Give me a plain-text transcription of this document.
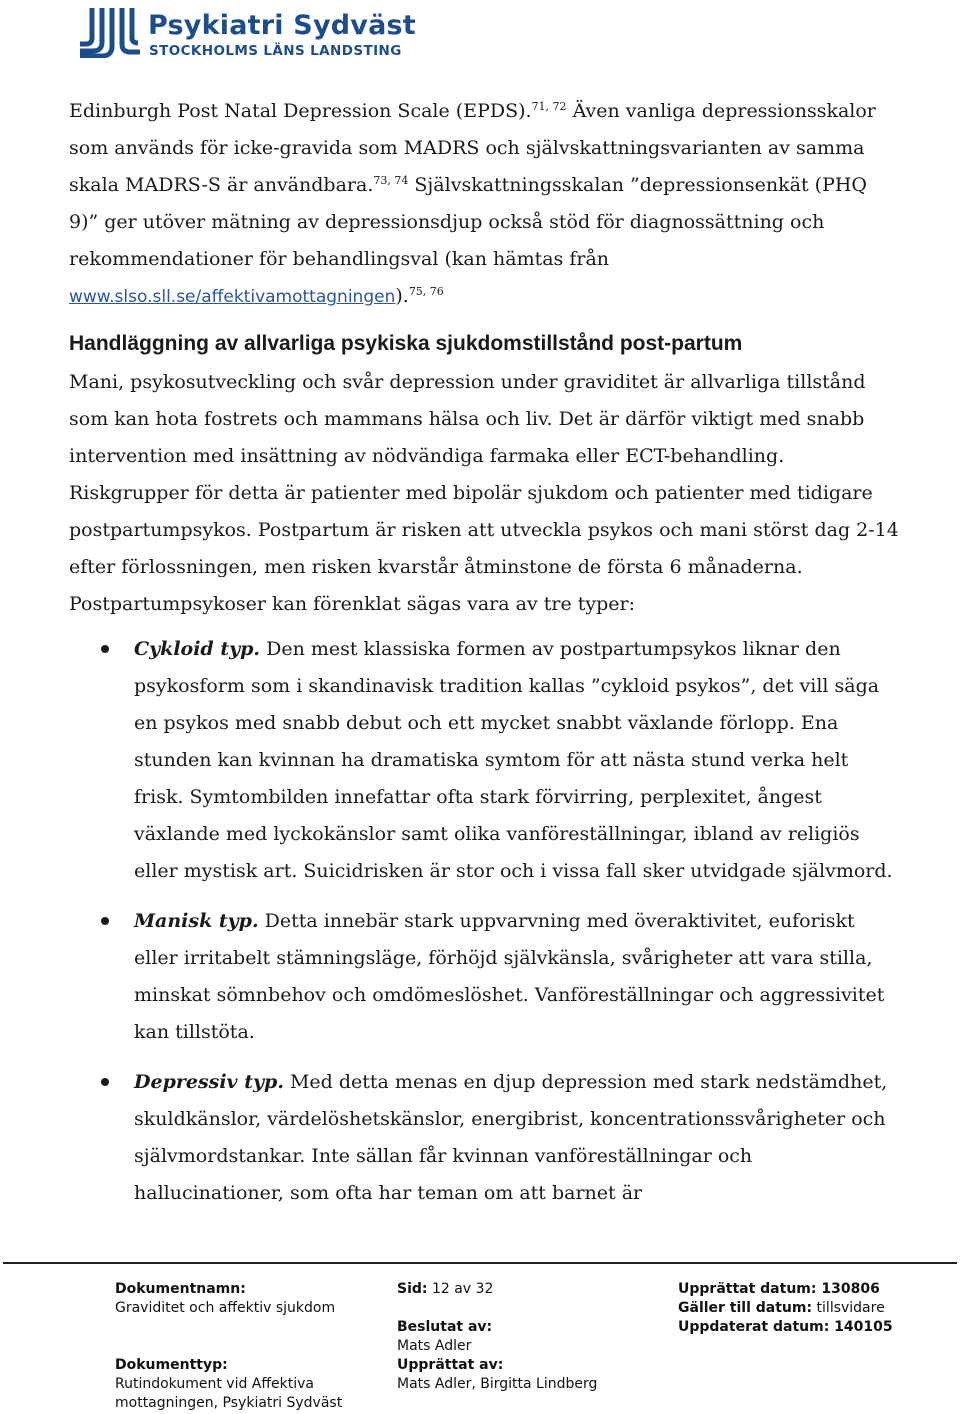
Psykiatri Sydväst
STOCKHOLMS LÄNS LANDSTING

Edinburgh Post Natal Depression Scale (EPDS).$^{71, 72}$ Även vanliga depressionsskalor som används för icke-gravida som MADRS och självskattningsvarianten av samma skala MADRS-S är användbara.$^{73, 74}$ Självskattningsskalan ”depressionsenkät (PHQ 9)” ger utöver mätning av depressionsdjup också stöd för diagnossättning och rekommendationer för behandlingsval (kan hämtas från www.slso.sll.se/affektivamottagningen).$^{75, 76}$

Handläggning av allvarliga psykiska sjukdomstillstånd post-partum

Mani, psykosutveckling och svår depression under graviditet är allvarliga tillstånd som kan hota fostrets och mammans hälsa och liv. Det är därför viktigt med snabb intervention med insättning av nödvändiga farmaka eller ECT-behandling. Riskgrupper för detta är patienter med bipolär sjukdom och patienter med tidigare postpartumpsykos. Postpartum är risken att utveckla psykos och mani störst dag 2-14 efter förlossningen, men risken kvarstår åtminstone de första 6 månaderna. Postpartumpsykoser kan förenklat sägas vara av tre typer:

Cykloid typ. Den mest klassiska formen av postpartumpsykos liknar den psykosform som i skandinavisk tradition kallas ”cykloid psykos”, det vill säga en psykos med snabb debut och ett mycket snabbt växlande förlopp. Ena stunden kan kvinnan ha dramatiska symtom för att nästa stund verka helt frisk. Symtombilden innefattar ofta stark förvirring, perplexitet, ångest växlande med lyckokänslor samt olika vanföreställningar, ibland av religiös eller mystisk art. Suicidrisken är stor och i vissa fall sker utvidgade självmord.
Manisk typ. Detta innebär stark uppvarvning med överaktivitet, euforiskt eller irritabelt stämningsläge, förhöjd självkänsla, svårigheter att vara stilla, minskat sömnbehov och omdömeslöshet. Vanföreställningar och aggressivitet kan tillstöta.
Depressiv typ. Med detta menas en djup depression med stark nedstämdhet, skuldkänslor, värdelöshetskänslor, energibrist, koncentrationssvårigheter och självmordstankar. Inte sällan får kvinnan vanföreställningar och hallucinationer, som ofta har teman om att barnet är
Dokumentnamn:
Graviditet och affektiv sjukdom
Dokumenttyp:
Rutindokument vid Affektiva
mottagningen, Psykiatri Sydväst
Sid: 12 av 32
Beslutat av:
Mats Adler
Upprättat av:
Mats Adler, Birgitta Lindberg
Upprättat datum: 130806
Gäller till datum: tillsvidare
Uppdaterat datum: 140105
